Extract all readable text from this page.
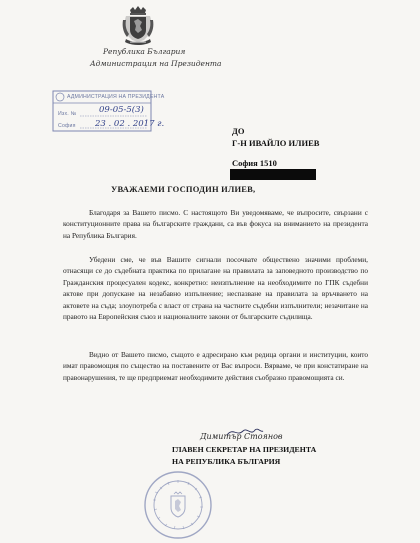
Република България
Администрация на Президента
АДМИНИСТРАЦИЯ НА ПРЕЗИДЕНТА
Изх. №	09-05-5(3)
София 23 . 02 . 2017 г.
ДО
Г-Н ИВАЙЛО ИЛИЕВ
София 1510
УВАЖАЕМИ ГОСПОДИН ИЛИЕВ,

Благодаря за Вашето писмо. С настоящото Ви уведомяваме, че въпросите, свързани с конституционните права на българските граждани, са във фокуса на вниманието на президента на Република България.

Убедени сме, че във Вашите сигнали посочвате обществено значими проблеми, отнасящи се до съдебната практика по прилагане на правилата за заповедното производство по Гражданския процесуален кодекс, конкретно: неизпълнение на необходимите по ГПК съдебни актове при допускане на незабавно изпълнение; неспазване на правилата за връчването на актовете на съда; злоупотреба с власт от страна на частните съдебни изпълнители; незачитане на правото на Европейския съюз и националните закони от българските съдилища.

Видно от Вашето писмо, същото е адресирано към редица органи и институции, които имат правомощия по същество на поставените от Вас въпроси. Вярваме, че при констатиране на правонарушения, те ще предприемат необходимите действия съобразно правомощията си.

Димитър Стоянов
ГЛАВЕН СЕКРЕТАР НА ПРЕЗИДЕНТА
НА РЕПУБЛИКА БЪЛГАРИЯ
